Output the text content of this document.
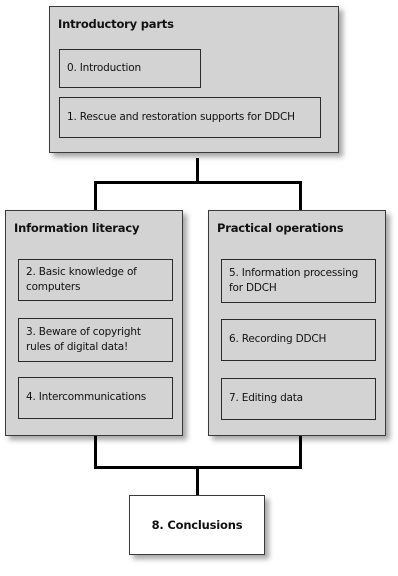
Introductory parts
0. Introduction
1. Rescue and restoration supports for DDCH
Information literacy
2. Basic knowledge of computers
3. Beware of copyright rules of digital data!
4. Intercommunications
Practical operations
5. Information processing for DDCH
6. Recording DDCH
7. Editing data
8. Conclusions
